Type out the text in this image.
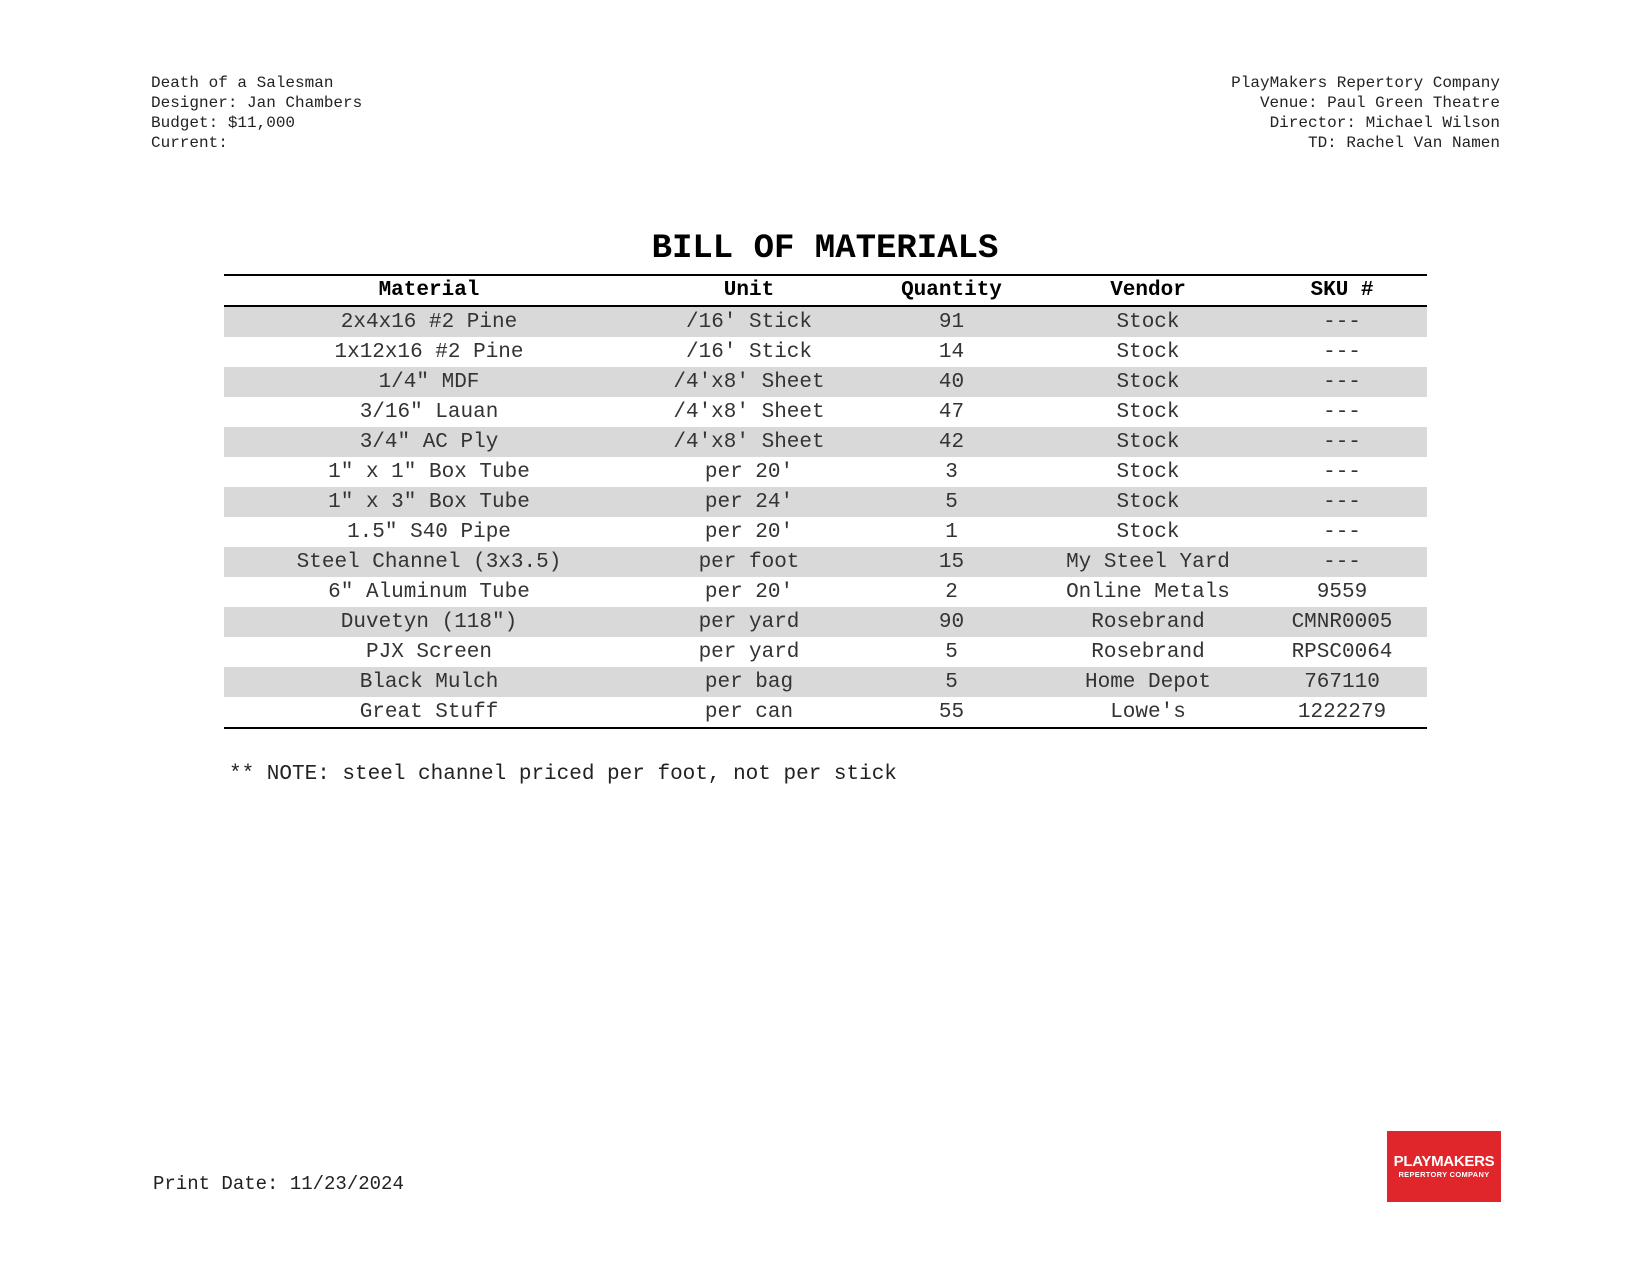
Death of a Salesman
Designer: Jan Chambers
Budget: $11,000
Current:
PlayMakers Repertory Company
Venue: Paul Green Theatre
Director: Michael Wilson
TD: Rachel Van Namen
BILL OF MATERIALS
Material	Unit	Quantity	Vendor	SKU #
2x4x16 #2 Pine	/16' Stick	91	Stock	---
1x12x16 #2 Pine	/16' Stick	14	Stock	---
1/4" MDF	/4'x8' Sheet	40	Stock	---
3/16" Lauan	/4'x8' Sheet	47	Stock	---
3/4" AC Ply	/4'x8' Sheet	42	Stock	---
1" x 1" Box Tube	per 20'	3	Stock	---
1" x 3" Box Tube	per 24'	5	Stock	---
1.5" S40 Pipe	per 20'	1	Stock	---
Steel Channel (3x3.5)	per foot	15	My Steel Yard	---
6" Aluminum Tube	per 20'	2	Online Metals	9559
Duvetyn (118")	per yard	90	Rosebrand	CMNR0005
PJX Screen	per yard	5	Rosebrand	RPSC0064
Black Mulch	per bag	5	Home Depot	767110
Great Stuff	per can	55	Lowe's	1222279
** NOTE: steel channel priced per foot, not per stick
Print Date: 11/23/2024
PLAYMAKERS
REPERTORY COMPANY
